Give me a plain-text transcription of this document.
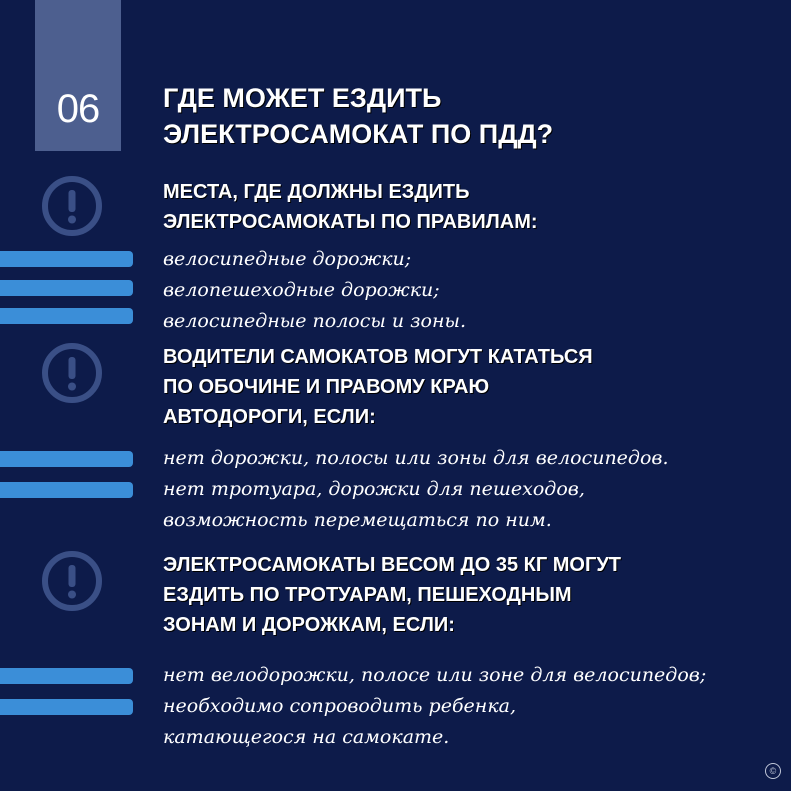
06	ГДЕ МОЖЕТ ЕЗДИТЬ
ЭЛЕКТРОСАМОКАТ ПО ПДД?
МЕСТА, ГДЕ ДОЛЖНЫ ЕЗДИТЬ
ЭЛЕКТРОСАМОКАТЫ ПО ПРАВИЛАМ:
велосипедные дорожки;
велопешеходные дорожки;
велосипедные полосы и зоны.
ВОДИТЕЛИ САМОКАТОВ МОГУТ КАТАТЬСЯ
ПО ОБОЧИНЕ И ПРАВОМУ КРАЮ
АВТОДОРОГИ, ЕСЛИ:
нет дорожки, полосы или зоны для велосипедов.
нет тротуара, дорожки для пешеходов,
возможность перемещаться по ним.
ЭЛЕКТРОСАМОКАТЫ ВЕСОМ ДО 35 КГ МОГУТ
ЕЗДИТЬ ПО ТРОТУАРАМ, ПЕШЕХОДНЫМ
ЗОНАМ И ДОРОЖКАМ, ЕСЛИ:
нет велодорожки, полосе или зоне для велосипедов;
необходимо сопроводить ребенка,
катающегося на самокате.
©
